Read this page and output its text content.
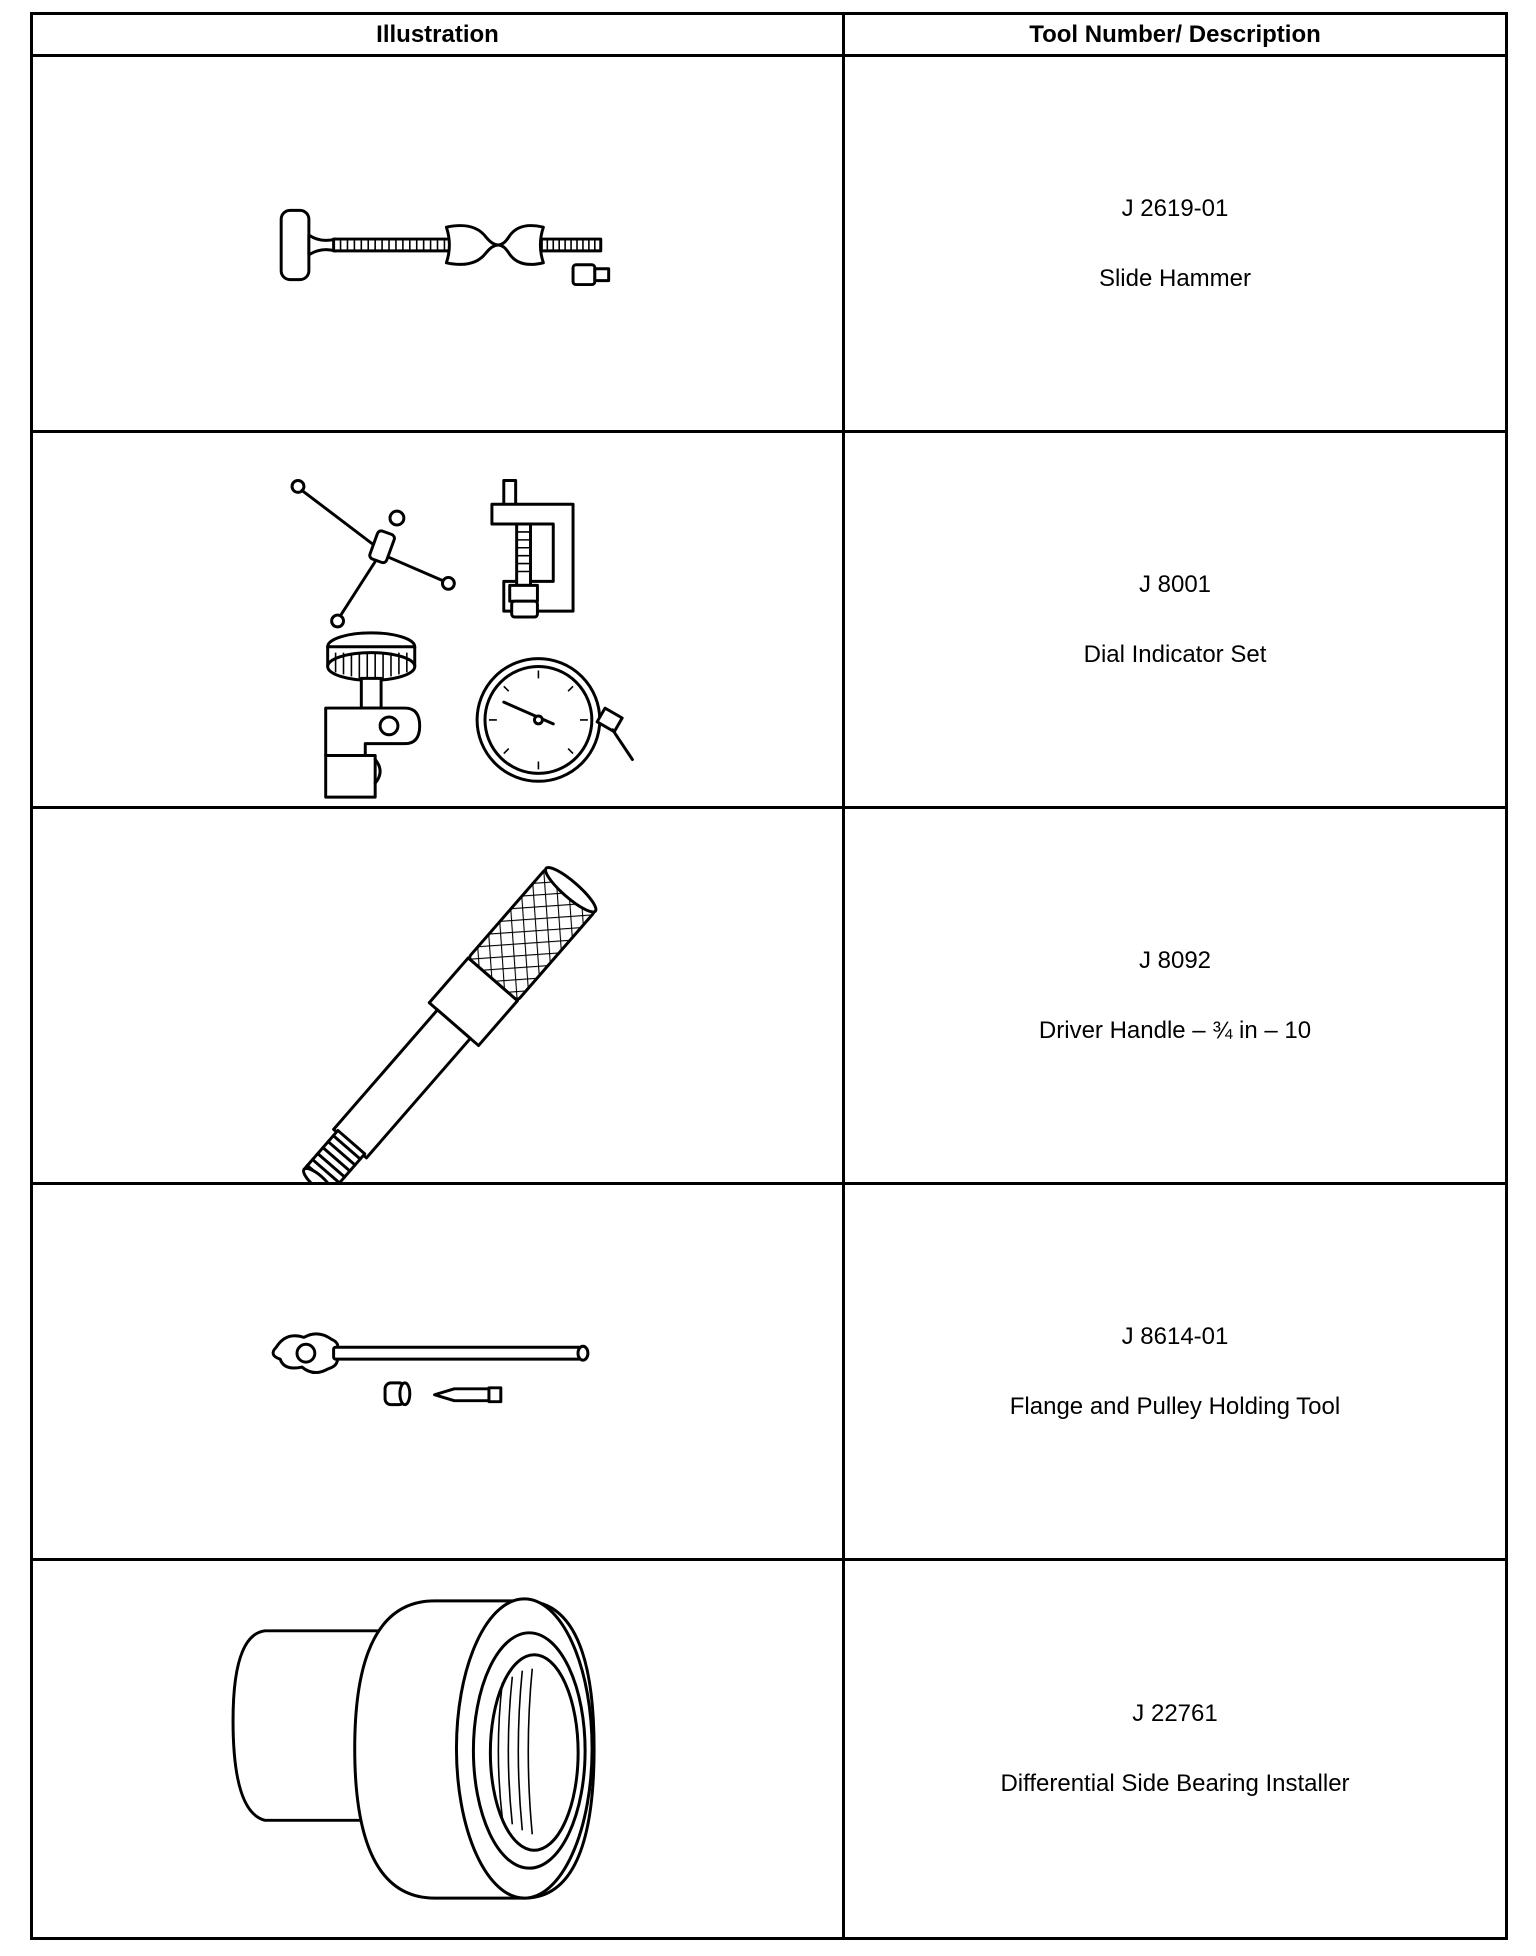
Illustration	Tool Number/ Description
J 2619-01
Slide Hammer
J 8001
Dial Indicator Set
J 8092
Driver Handle – ¾ in – 10
J 8614-01
Flange and Pulley Holding Tool
J 22761
Differential Side Bearing Installer
